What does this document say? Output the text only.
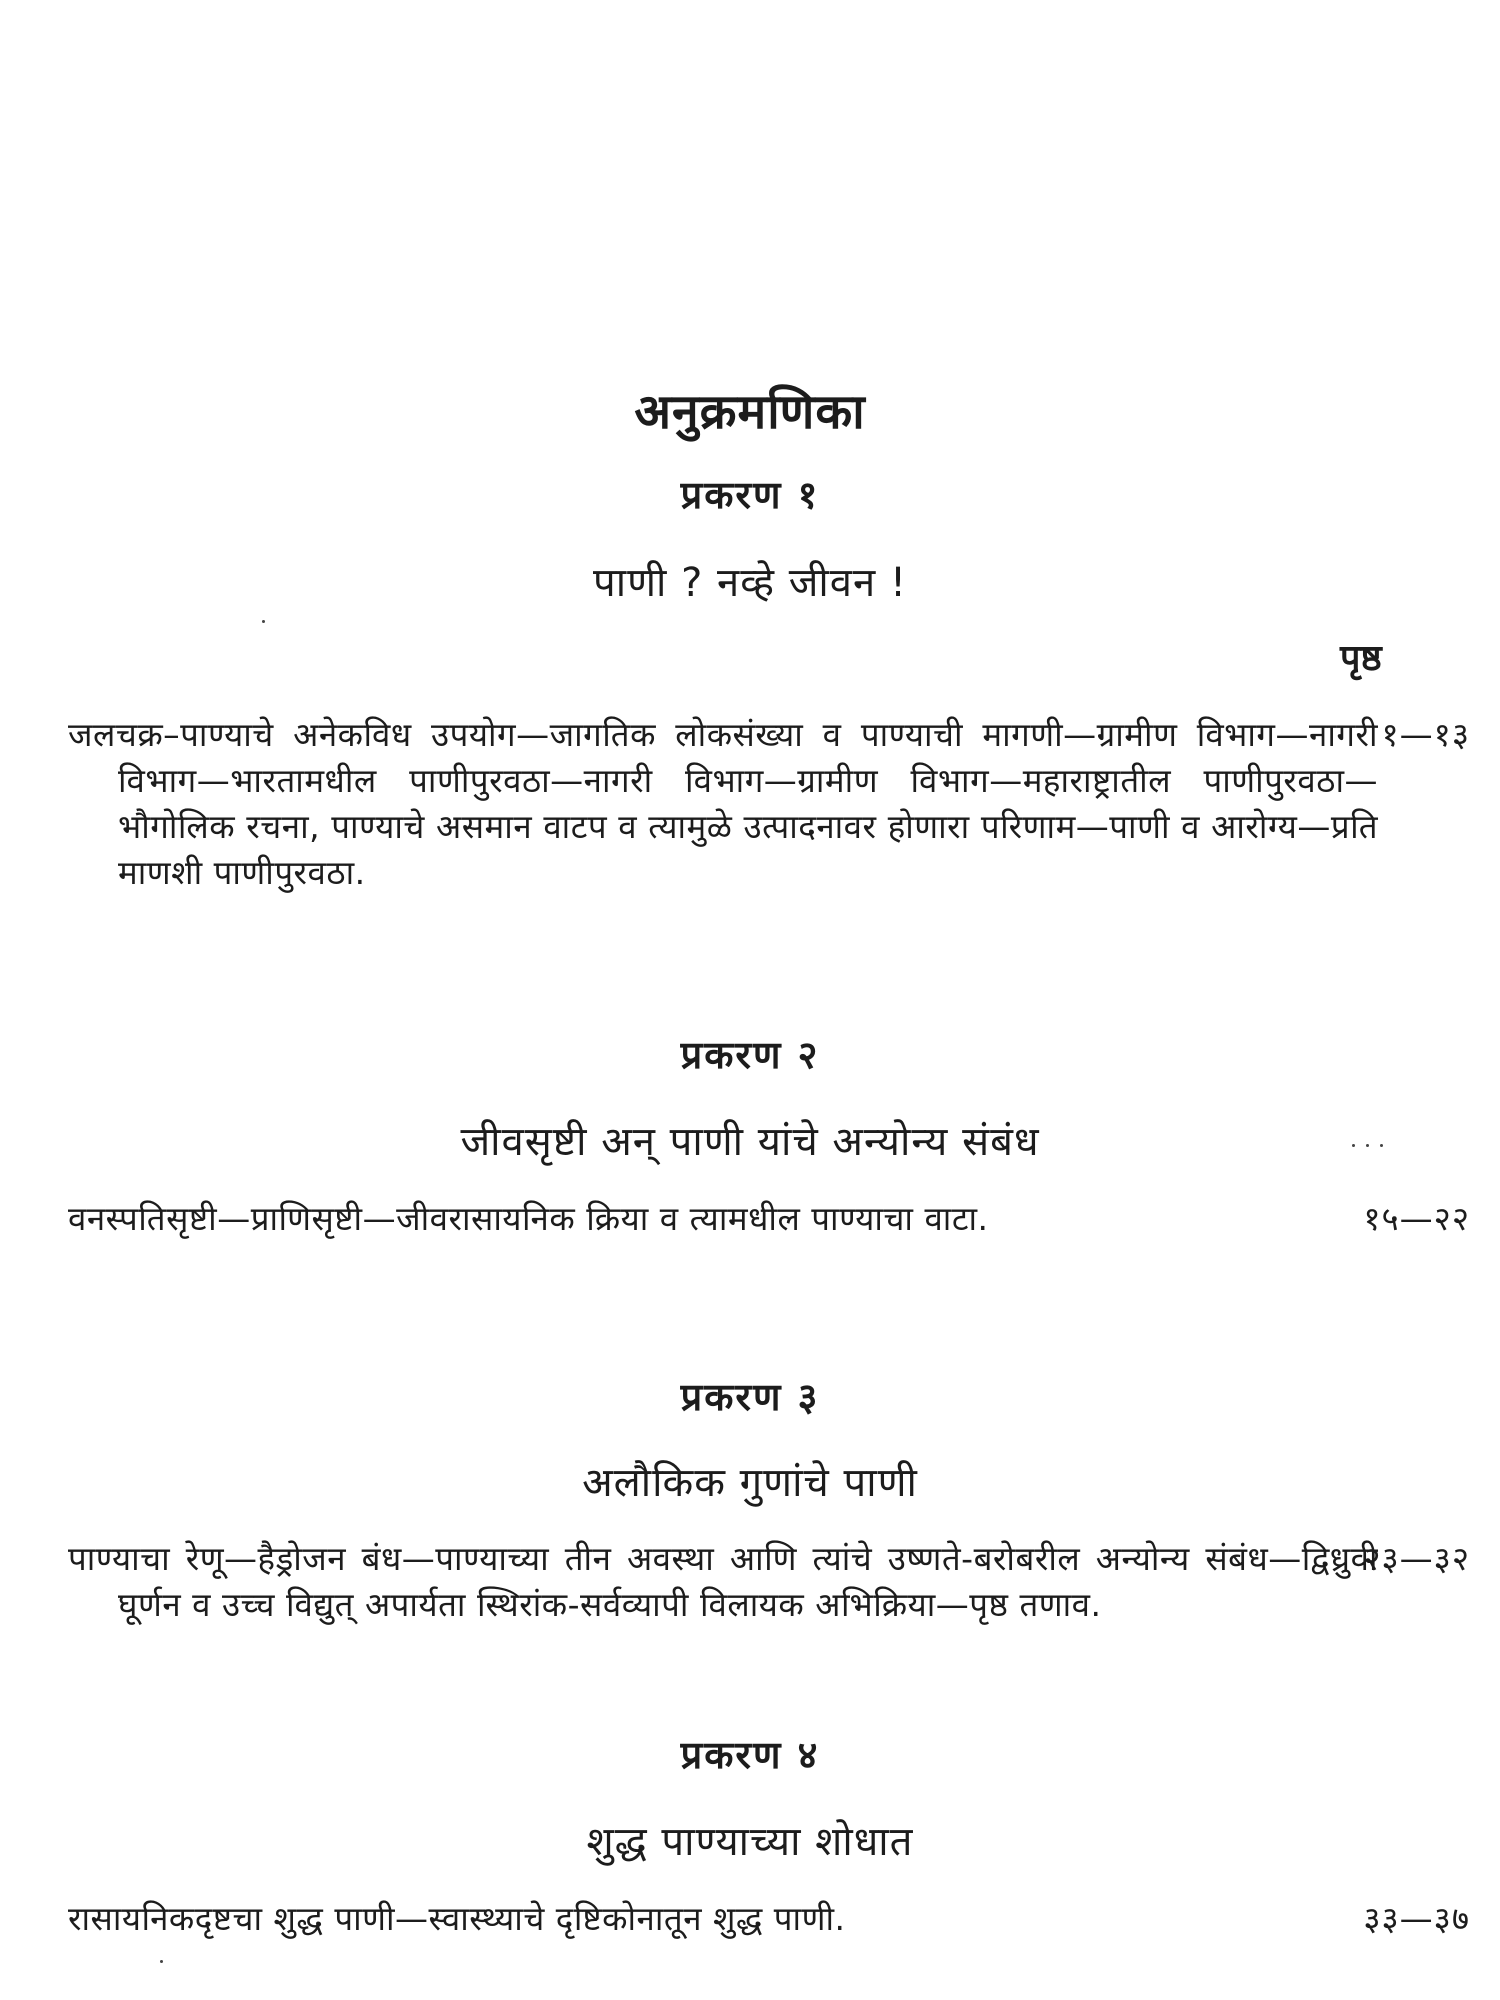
अनुक्रमणिका
पृष्ठ
प्रकरण १
पाणी ? नव्हे जीवन !
जलचक्र–पाण्याचे अनेकविध उपयोग—जागतिक लोकसंख्या व पाण्याची मागणी—ग्रामीण विभाग—नागरी विभाग—भारतामधील पाणीपुरवठा—नागरी विभाग—ग्रामीण विभाग—महाराष्ट्रातील पाणीपुरवठा—भौगोलिक रचना, पाण्याचे असमान वाटप व त्यामुळे उत्पादनावर होणारा परिणाम—पाणी व आरोग्य—प्रति माणशी पाणीपुरवठा.
१—१३
प्रकरण २
जीवसृष्टी अन् पाणी यांचे अन्योन्य संबंध
वनस्पतिसृष्टी—प्राणिसृष्टी—जीवरासायनिक क्रिया व त्यामधील पाण्याचा वाटा.	१५—२२
प्रकरण ३
अलौकिक गुणांचे पाणी
पाण्याचा रेणू—हैड्रोजन बंध—पाण्याच्या तीन अवस्था आणि त्यांचे उष्णते-बरोबरील अन्योन्य संबंध—द्विध्रुवी घूर्णन व उच्च विद्युत् अपार्यता स्थिरांक-सर्वव्यापी विलायक अभिक्रिया—पृष्ठ तणाव.
२३—३२
प्रकरण ४
शुद्ध पाण्याच्या शोधात
रासायनिकदृष्टचा शुद्ध पाणी—स्वास्थ्याचे दृष्टिकोनातून शुद्ध पाणी.	३३—३७
